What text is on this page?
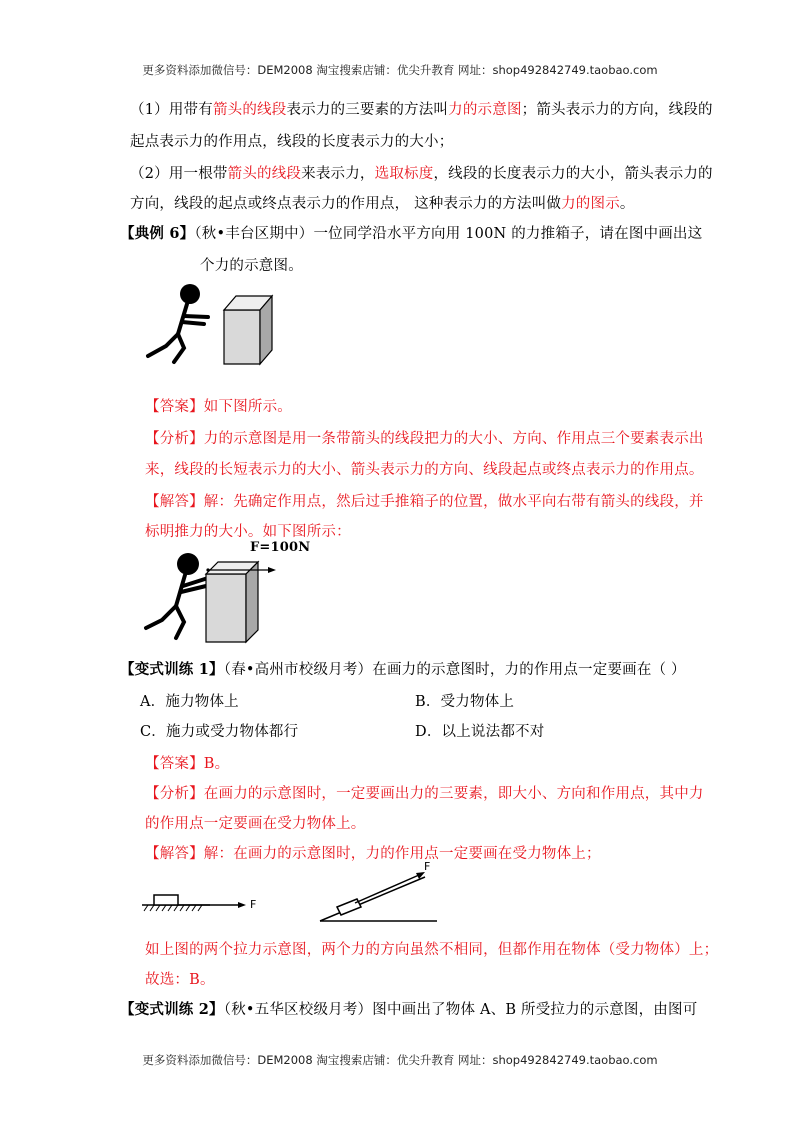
更多资料添加微信号：DEM2008 淘宝搜索店铺：优尖升教育 网址：shop492842749.taobao.com
（1）用带有箭头的线段表示力的三要素的方法叫力的示意图；箭头表示力的方向，线段的
起点表示力的作用点，线段的长度表示力的大小；
（2）用一根带箭头的线段来表示力，选取标度，线段的长度表示力的大小，箭头表示力的
方向，线段的起点或终点表示力的作用点， 这种表示力的方法叫做力的图示。
【典例 6】（秋•丰台区期中）一位同学沿水平方向用 100N 的力推箱子，请在图中画出这
个力的示意图。
【答案】如下图所示。
【分析】力的示意图是用一条带箭头的线段把力的大小、方向、作用点三个要素表示出
来，线段的长短表示力的大小、箭头表示力的方向、线段起点或终点表示力的作用点。
【解答】解：先确定作用点，然后过手推箱子的位置，做水平向右带有箭头的线段，并
标明推力的大小。如下图所示：
F=100N
【变式训练 1】（春•高州市校级月考）在画力的示意图时，力的作用点一定要画在（ ）
A．施力物体上	B．受力物体上
C．施力或受力物体都行	D．以上说法都不对
【答案】B。
【分析】在画力的示意图时，一定要画出力的三要素，即大小、方向和作用点，其中力
的作用点一定要画在受力物体上。
【解答】解：在画力的示意图时，力的作用点一定要画在受力物体上；
F
F
如上图的两个拉力示意图，两个力的方向虽然不相同，但都作用在物体（受力物体）上；
故选：B。
【变式训练 2】（秋•五华区校级月考）图中画出了物体 A、B 所受拉力的示意图，由图可
更多资料添加微信号：DEM2008 淘宝搜索店铺：优尖升教育 网址：shop492842749.taobao.com
